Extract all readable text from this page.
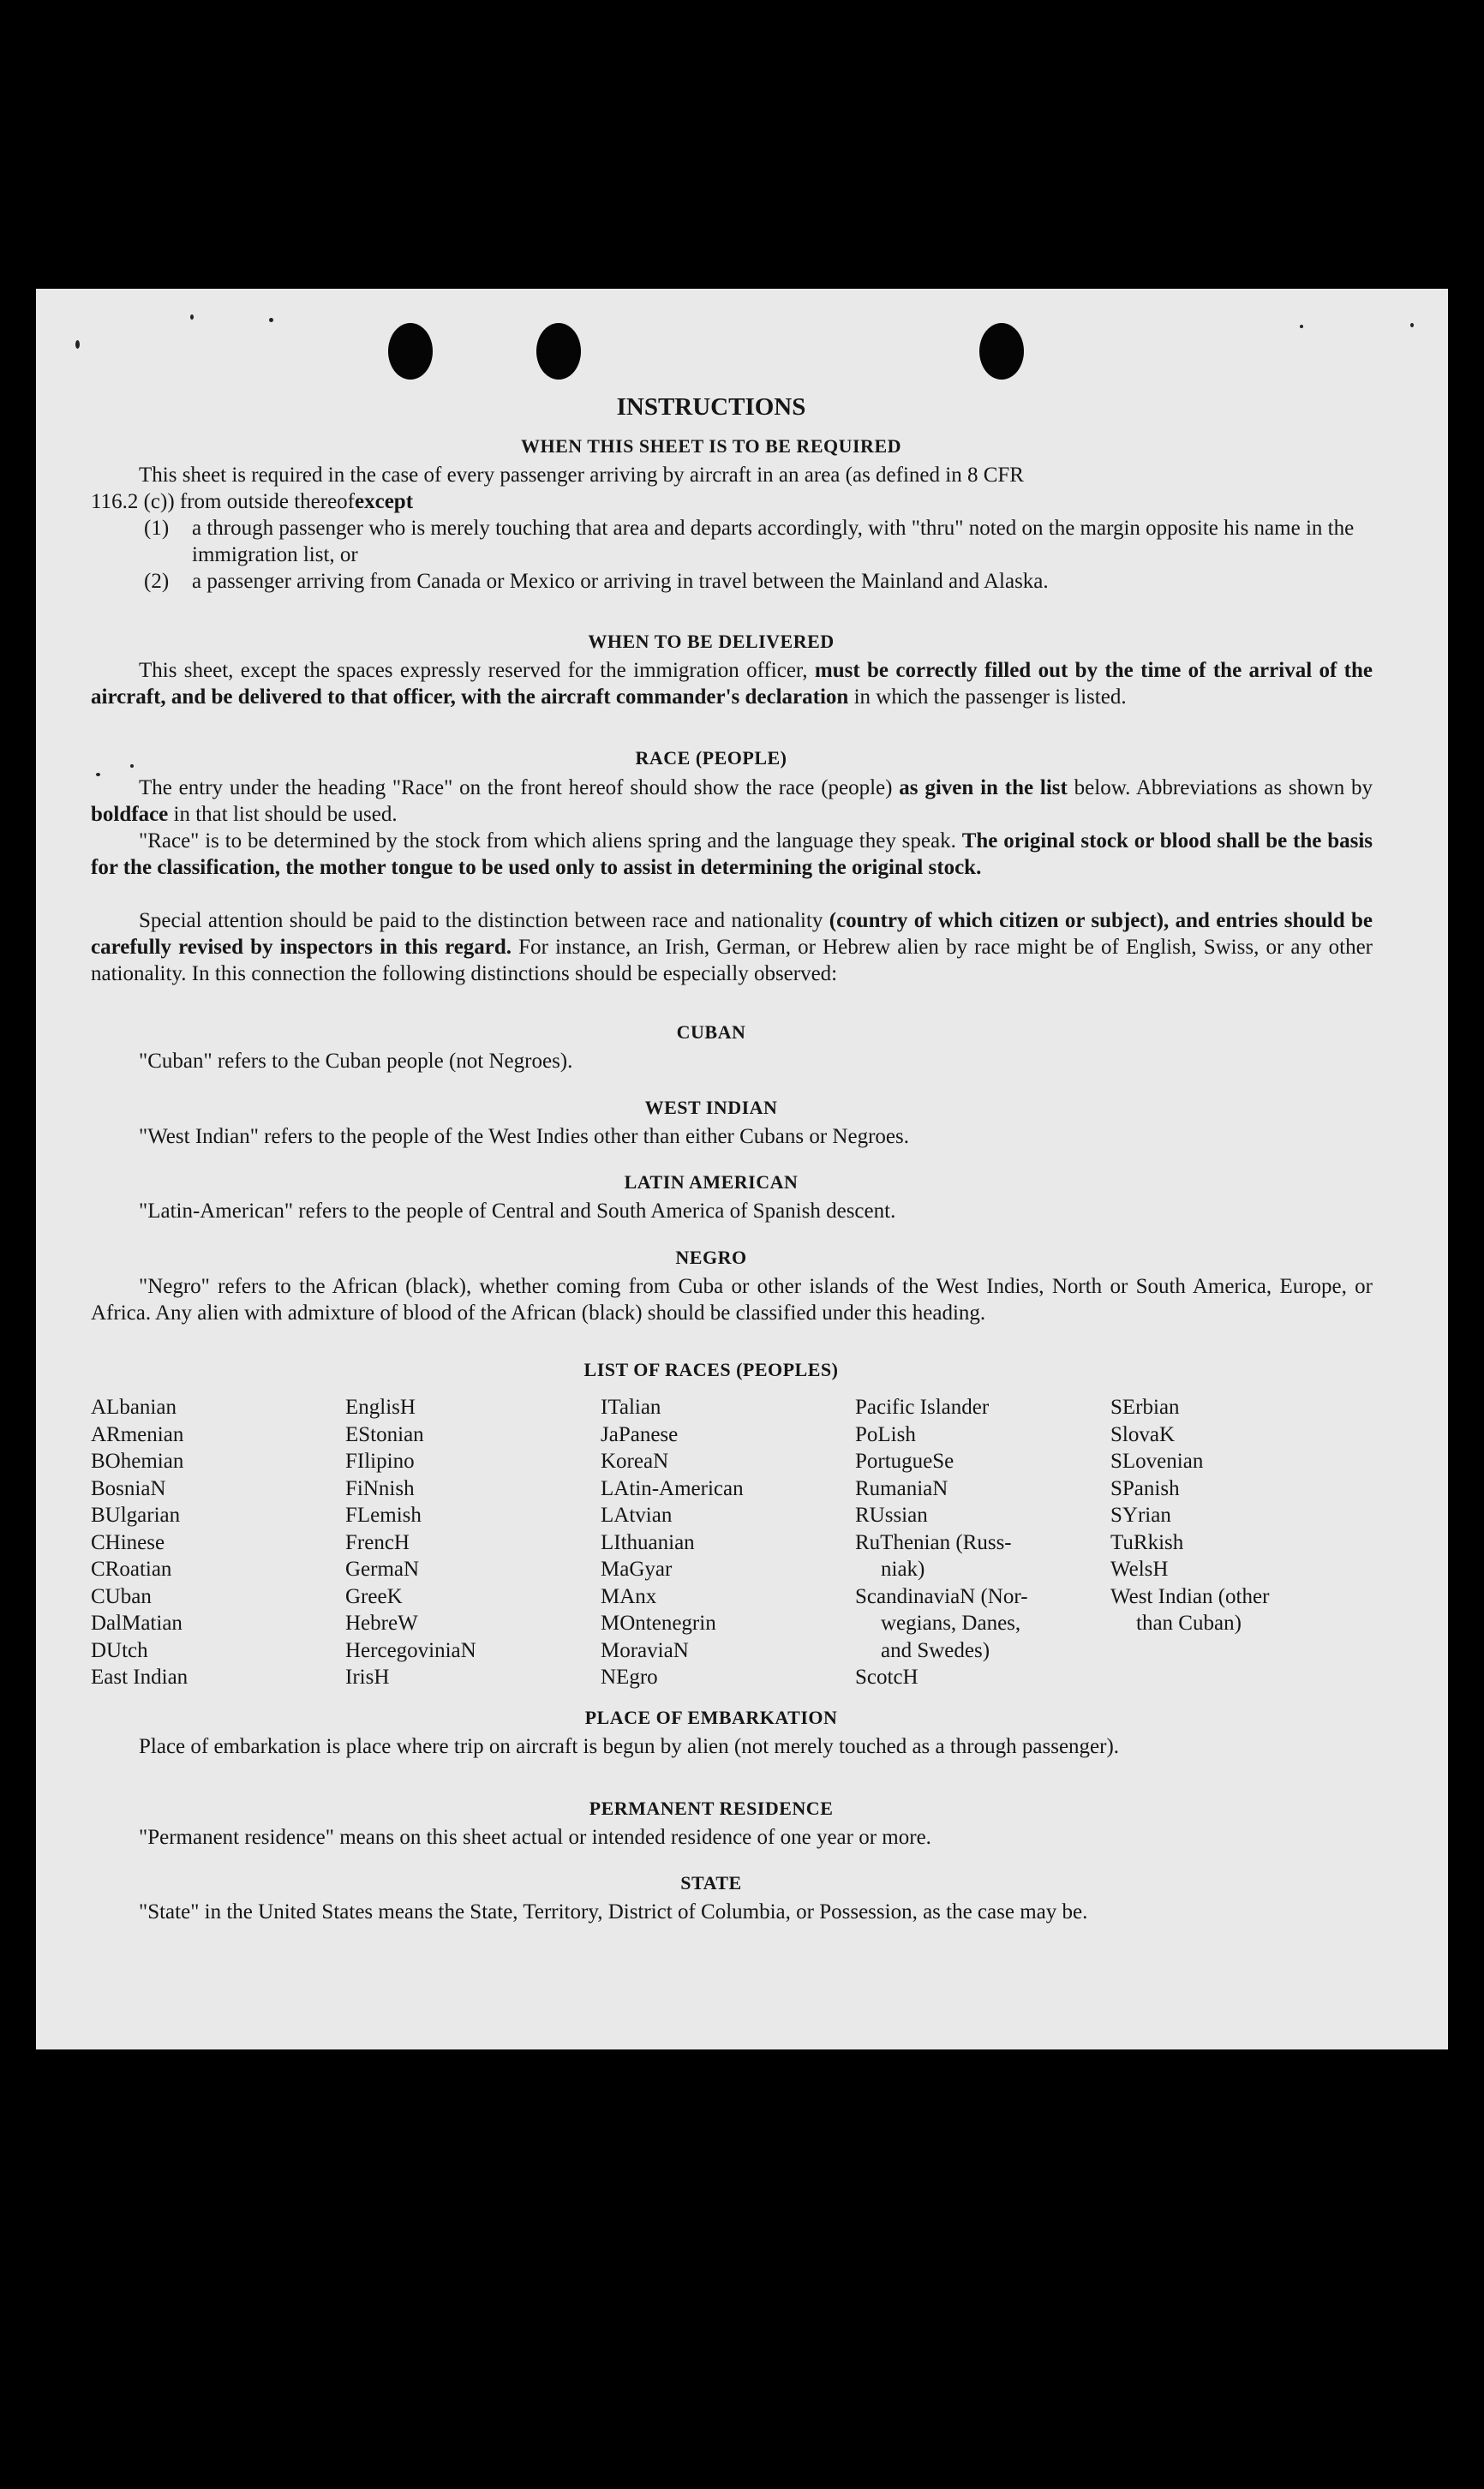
INSTRUCTIONS
WHEN THIS SHEET IS TO BE REQUIRED
This sheet is required in the case of every passenger arriving by aircraft in an area (as defined in 8 CFR
116.2 (c)) from outside thereofexcept
(1) a through passenger who is merely touching that area and departs accordingly, with "thru" noted on the margin opposite his name in the immigration list, or
(2) a passenger arriving from Canada or Mexico or arriving in travel between the Mainland and Alaska.
WHEN TO BE DELIVERED
This sheet, except the spaces expressly reserved for the immigration officer, must be correctly filled out by the time of the arrival of the aircraft, and be delivered to that officer, with the aircraft commander's declaration in which the passenger is listed.
RACE (PEOPLE)
The entry under the heading "Race" on the front hereof should show the race (people) as given in the list below. Abbreviations as shown by boldface in that list should be used.
"Race" is to be determined by the stock from which aliens spring and the language they speak. The original stock or blood shall be the basis for the classification, the mother tongue to be used only to assist in determining the original stock.
Special attention should be paid to the distinction between race and nationality (country of which citizen or subject), and entries should be carefully revised by inspectors in this regard. For instance, an Irish, German, or Hebrew alien by race might be of English, Swiss, or any other nationality. In this connection the following distinctions should be especially observed:
CUBAN
"Cuban" refers to the Cuban people (not Negroes).
WEST INDIAN
"West Indian" refers to the people of the West Indies other than either Cubans or Negroes.
LATIN AMERICAN
"Latin-American" refers to the people of Central and South America of Spanish descent.
NEGRO
"Negro" refers to the African (black), whether coming from Cuba or other islands of the West Indies, North or South America, Europe, or Africa. Any alien with admixture of blood of the African (black) should be classified under this heading.
LIST OF RACES (PEOPLES)
ALbanian
ARmenian
BOhemian
BosniaN
BUlgarian
CHinese
CRoatian
CUban
DalMatian
DUtch
East Indian
EnglisH
EStonian
FIlipino
FiNnish
FLemish
FrencH
GermaN
GreeK
HebreW
HercegoviniaN
IrisH
ITalian
JaPanese
KoreaN
LAtin-American
LAtvian
LIthuanian
MaGyar
MAnx
MOntenegrin
MoraviaN
NEgro
Pacific Islander
PoLish
PortugueSe
RumaniaN
RUssian
RuThenian (Russ-
niak)
ScandinaviaN (Nor-
wegians, Danes,
and Swedes)
ScotcH
SErbian
SlovaK
SLovenian
SPanish
SYrian
TuRkish
WelsH
West Indian (other
than Cuban)
PLACE OF EMBARKATION
Place of embarkation is place where trip on aircraft is begun by alien (not merely touched as a through passenger).
PERMANENT RESIDENCE
"Permanent residence" means on this sheet actual or intended residence of one year or more.
STATE
"State" in the United States means the State, Territory, District of Columbia, or Possession, as the case may be.
